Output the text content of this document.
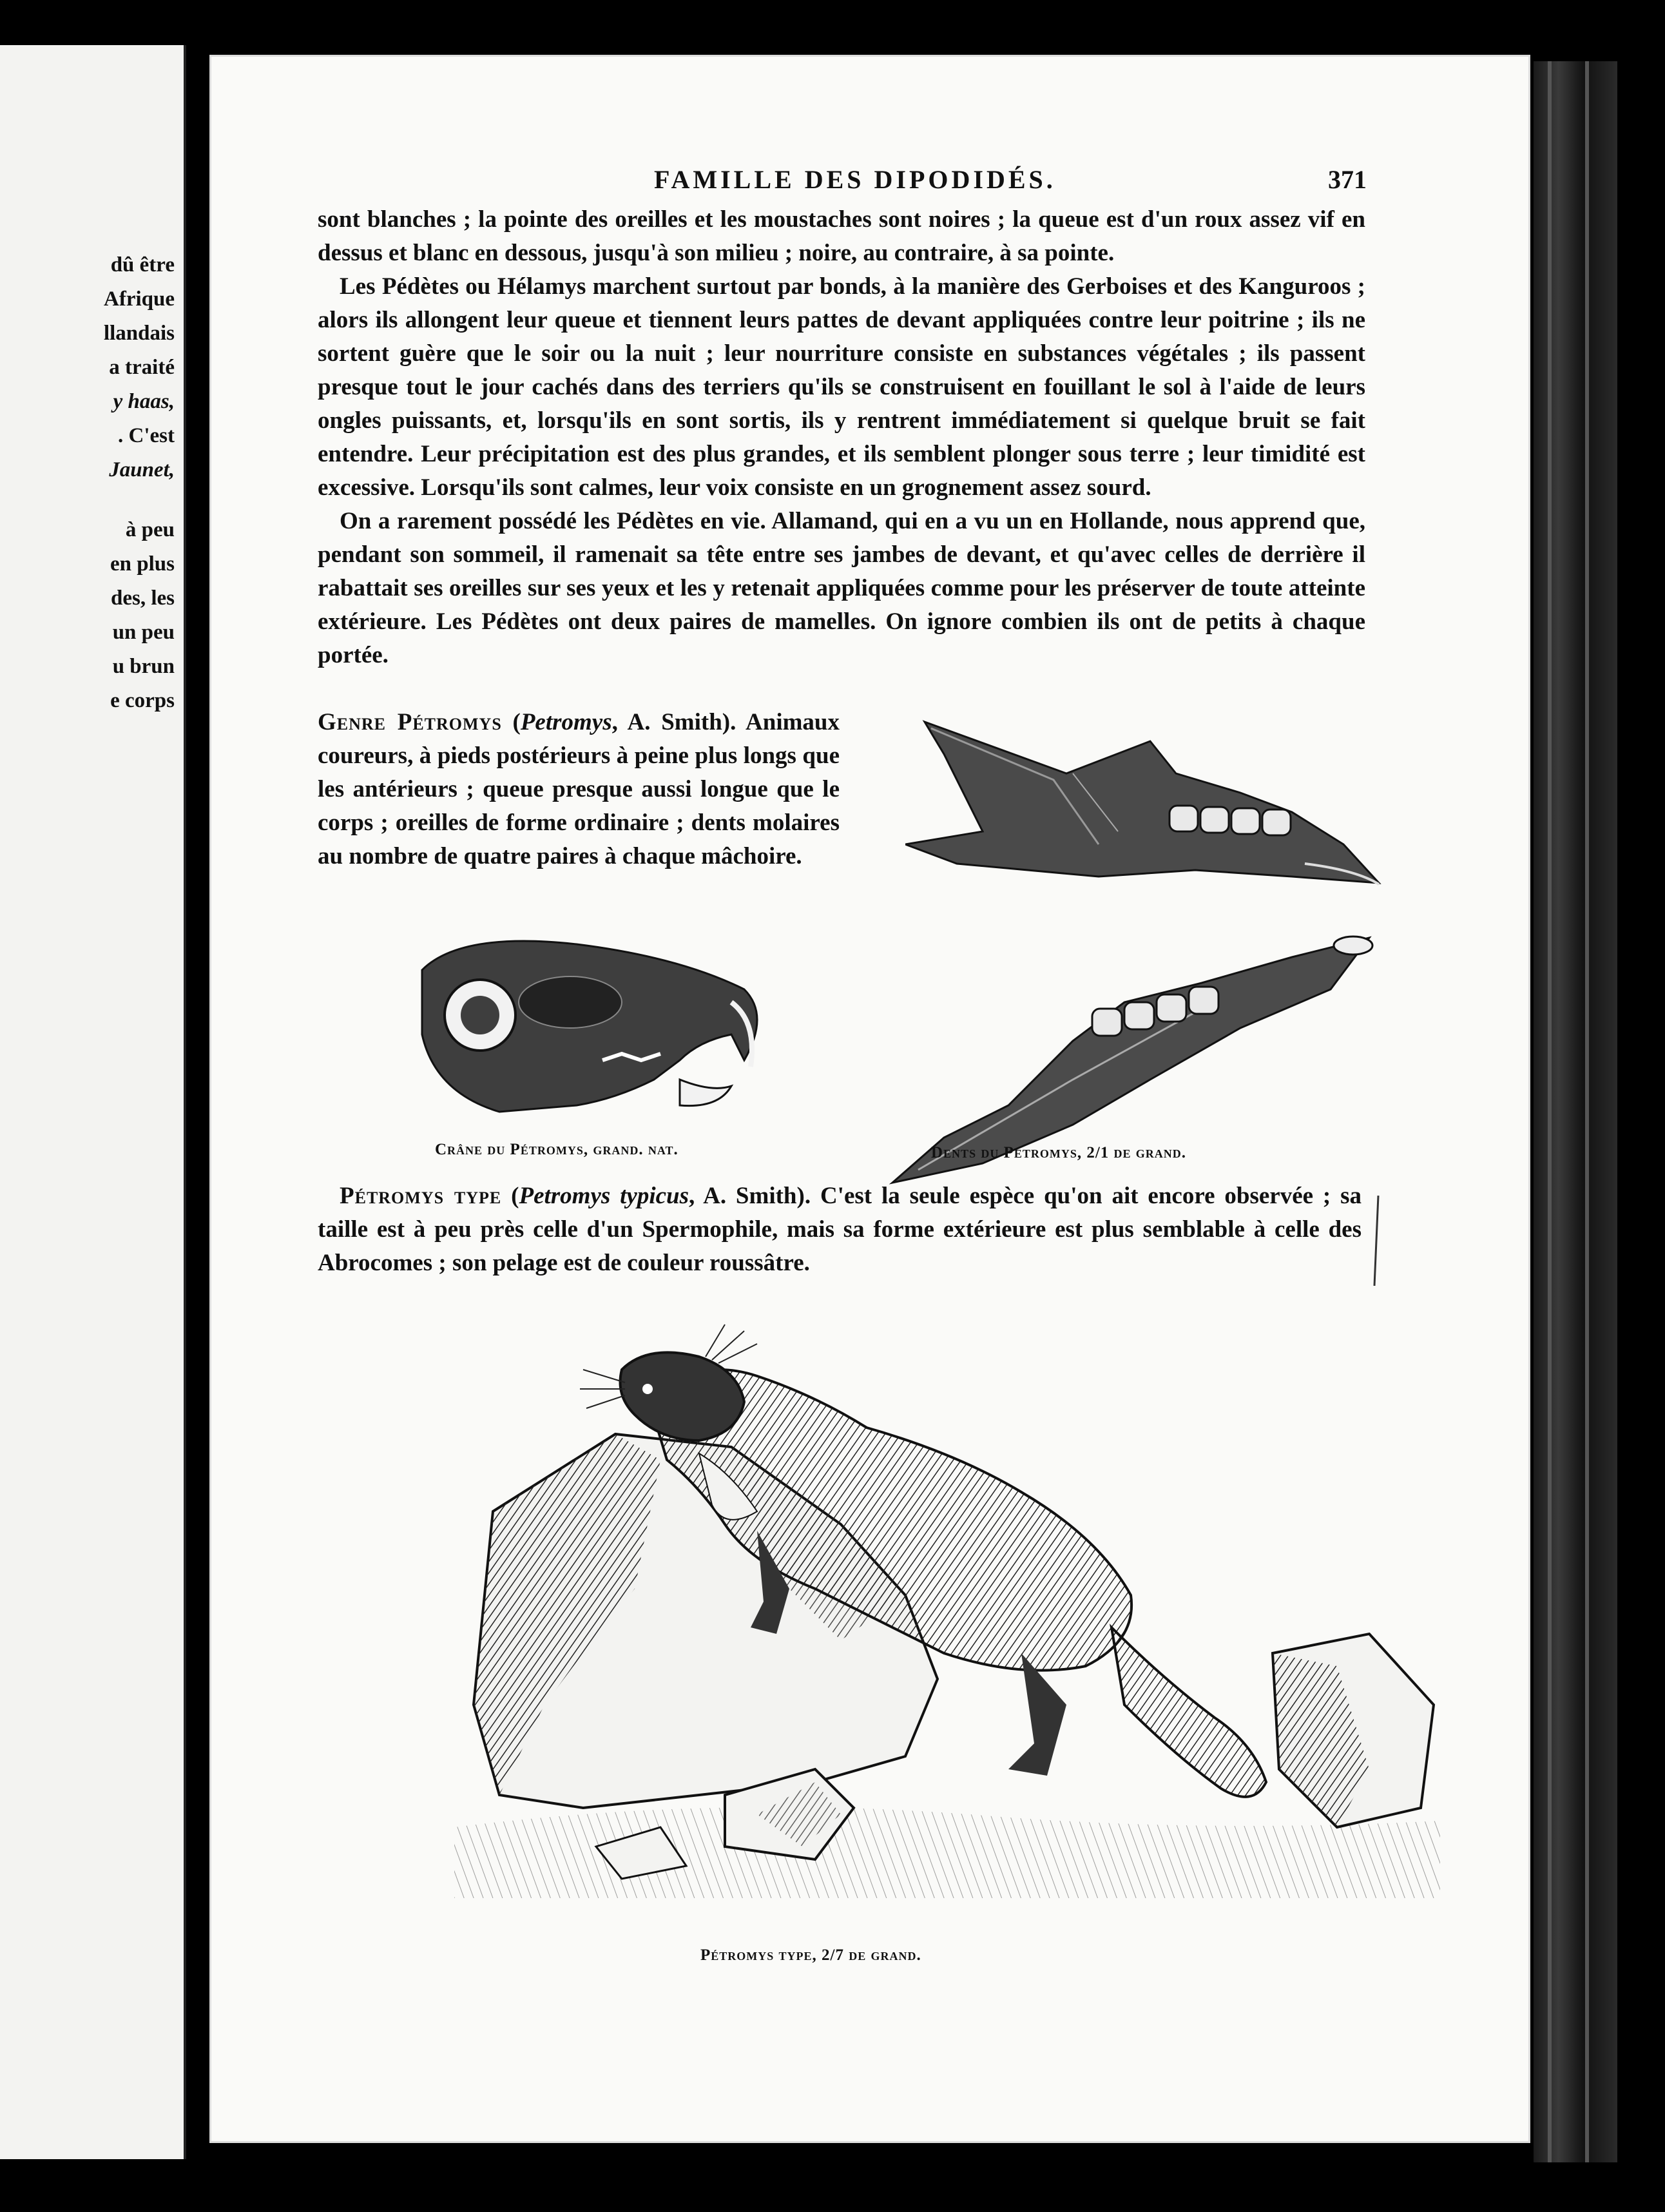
dû être
Afrique
llandais
a traité
y haas,
. C'est
Jaunet,
à peu
en plus
des, les
un peu
u brun
e corps
FAMILLE DES DIPODIDÉS.	371

sont blanches ; la pointe des oreilles et les moustaches sont noires ; la queue est d'un roux assez vif en dessus et blanc en dessous, jusqu'à son milieu ; noire, au contraire, à sa pointe.

Les Pédètes ou Hélamys marchent surtout par bonds, à la manière des Gerboises et des Kanguroos ; alors ils allongent leur queue et tiennent leurs pattes de devant appliquées contre leur poitrine ; ils ne sortent guère que le soir ou la nuit ; leur nourriture consiste en substances végétales ; ils passent presque tout le jour cachés dans des terriers qu'ils se construisent en fouillant le sol à l'aide de leurs ongles puissants, et, lorsqu'ils en sont sortis, ils y rentrent immédiatement si quelque bruit se fait entendre. Leur précipitation est des plus grandes, et ils semblent plonger sous terre ; leur timidité est excessive. Lorsqu'ils sont calmes, leur voix consiste en un grognement assez sourd.

On a rarement possédé les Pédètes en vie. Allamand, qui en a vu un en Hollande, nous apprend que, pendant son sommeil, il ramenait sa tête entre ses jambes de devant, et qu'avec celles de derrière il rabattait ses oreilles sur ses yeux et les y retenait appliquées comme pour les préserver de toute atteinte extérieure. Les Pédètes ont deux paires de mamelles. On ignore combien ils ont de petits à chaque portée.

Genre Pétromys (Petromys, A. Smith). Animaux coureurs, à pieds postérieurs à peine plus longs que les antérieurs ; queue presque aussi longue que le corps ; oreilles de forme ordinaire ; dents molaires au nombre de quatre paires à chaque mâchoire.
Crâne du Pétromys, grand. nat.	Dents du Pétromys, 2/1 de grand.

Pétromys type (Petromys typicus, A. Smith). C'est la seule espèce qu'on ait encore observée ; sa taille est à peu près celle d'un Spermophile, mais sa forme extérieure est plus semblable à celle des Abrocomes ; son pelage est de couleur roussâtre.

Pétromys type, 2/7 de grand.
